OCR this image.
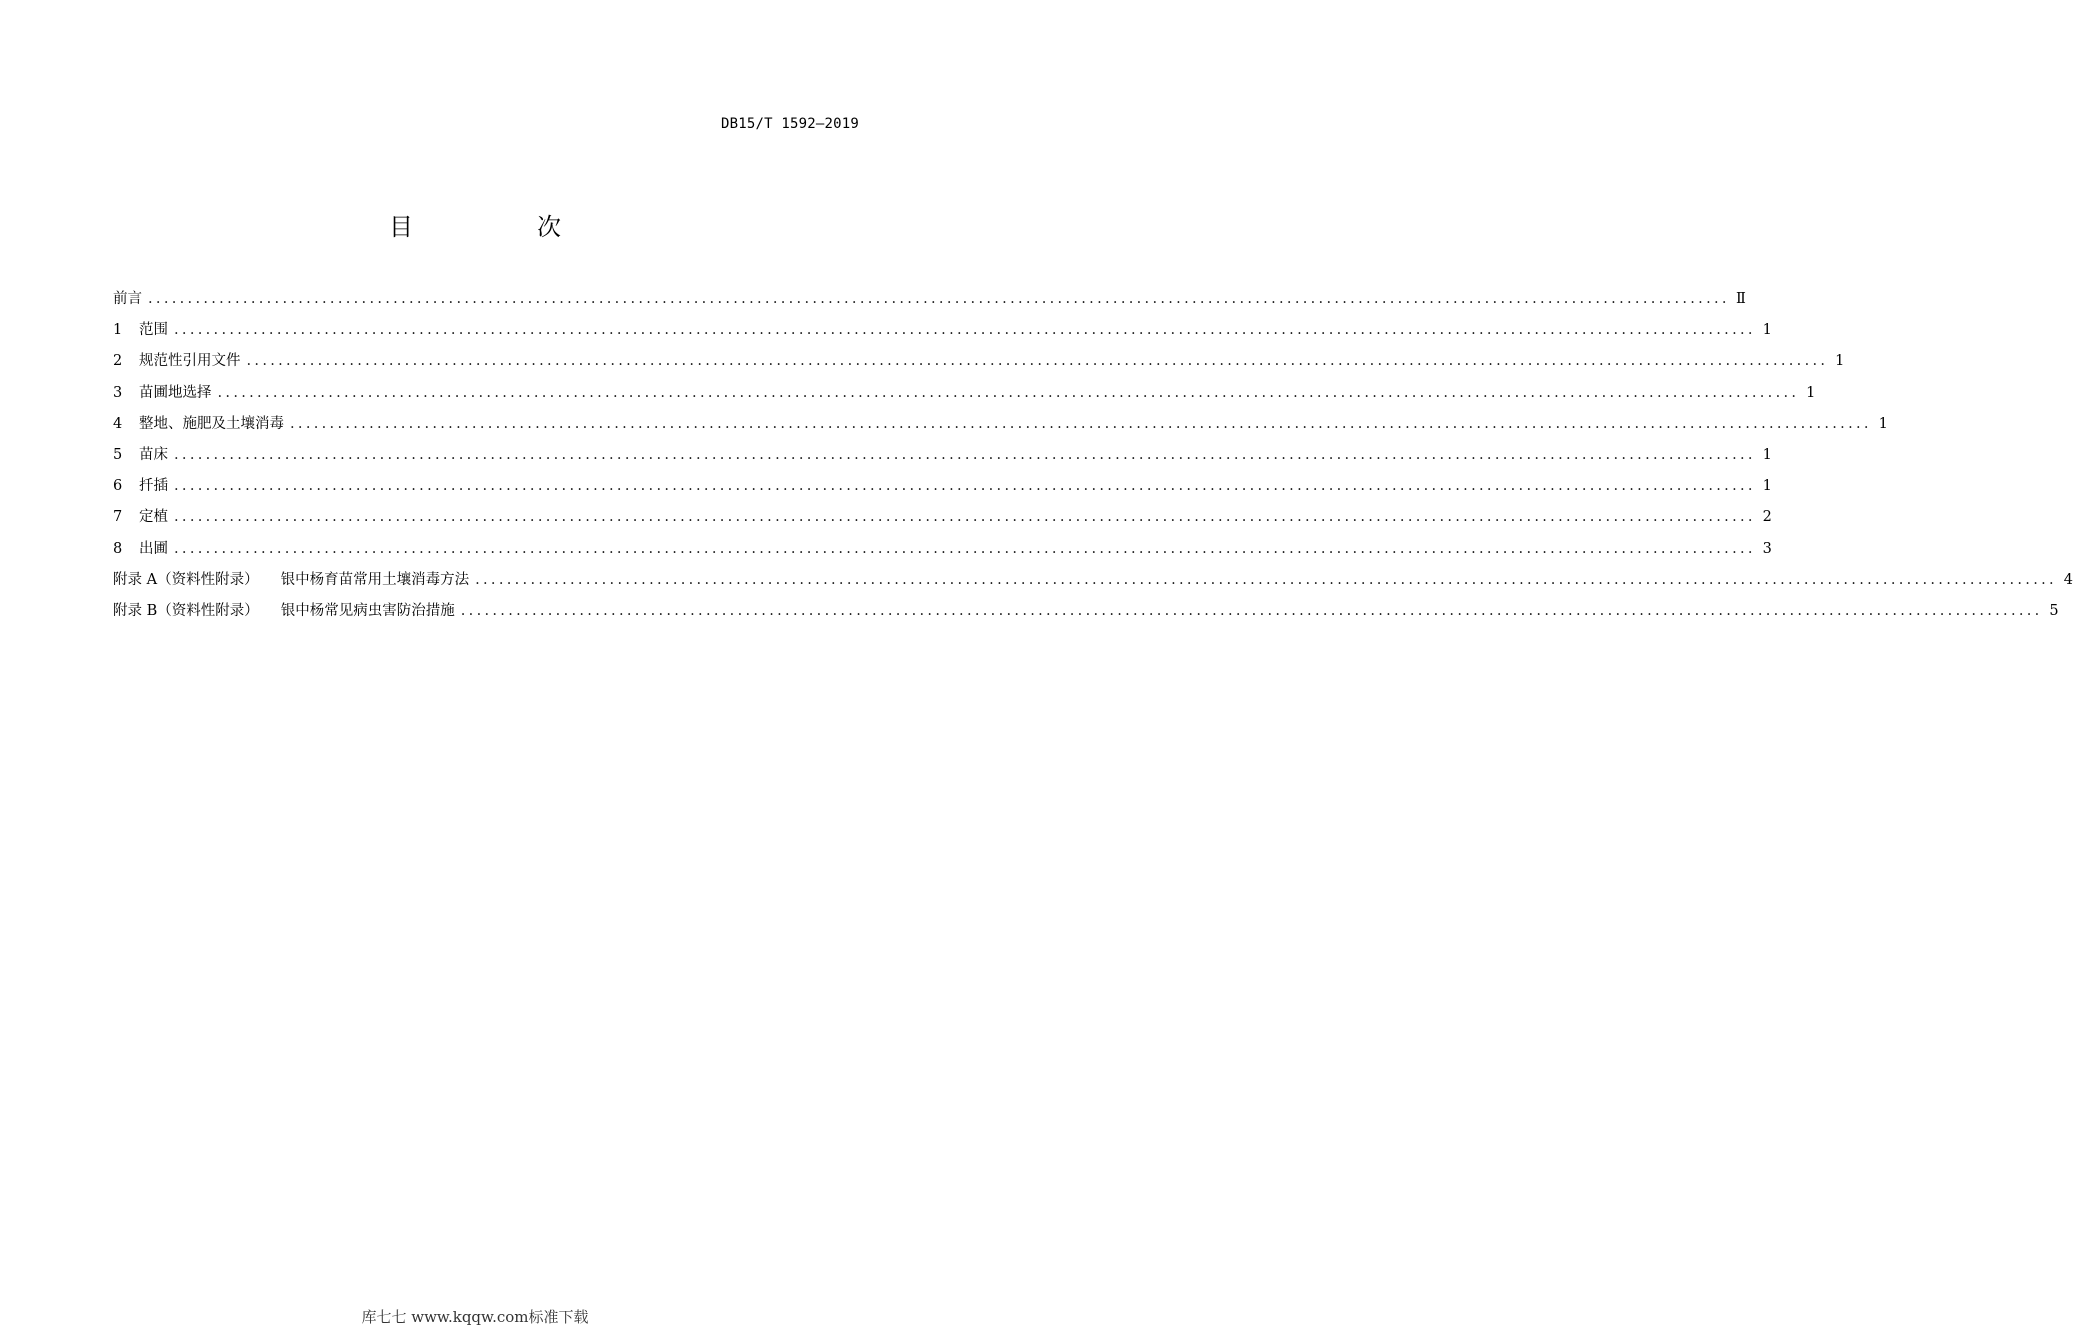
DB15/T 1592—2019
目　次
前言 ........................................................................................................................................................................................................ Ⅱ
1	范围 ........................................................................................................................................................................................................ 1
2	规范性引用文件 ........................................................................................................................................................................................................ 1
3	苗圃地选择 ........................................................................................................................................................................................................ 1
4	整地、施肥及土壤消毒 ........................................................................................................................................................................................................ 1
5	苗床 ........................................................................................................................................................................................................ 1
6	扦插 ........................................................................................................................................................................................................ 1
7	定植 ........................................................................................................................................................................................................ 2
8	出圃 ........................................................................................................................................................................................................ 3
附录 A（资料性附录） 银中杨育苗常用土壤消毒方法 ........................................................................................................................................................................................................ 4
附录 B（资料性附录） 银中杨常见病虫害防治措施 ........................................................................................................................................................................................................ 5
库七七 www.kqqw.com标准下载
